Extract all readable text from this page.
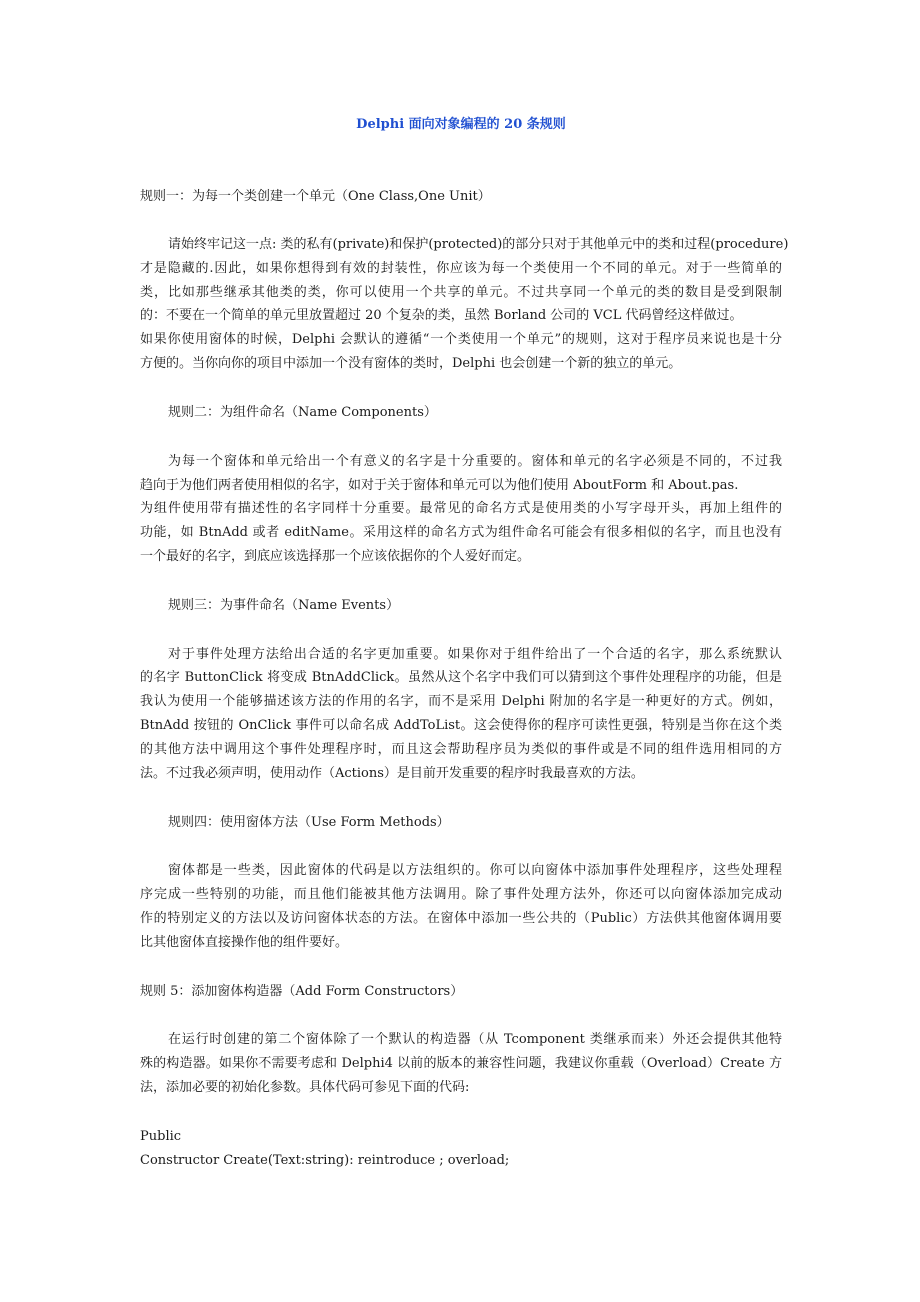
Delphi 面向对象编程的 20 条规则
规则一：为每一个类创建一个单元（One Class,One Unit）
请始终牢记这一点: 类的私有(private)和保护(protected)的部分只对于其他单元中的类和过程(procedure)
才是隐藏的.因此，如果你想得到有效的封装性，你应该为每一个类使用一个不同的单元。对于一些简单的
类，比如那些继承其他类的类，你可以使用一个共享的单元。不过共享同一个单元的类的数目是受到限制
的：不要在一个简单的单元里放置超过 20 个复杂的类，虽然 Borland 公司的 VCL 代码曾经这样做过。
如果你使用窗体的时候，Delphi 会默认的遵循“一个类使用一个单元”的规则，这对于程序员来说也是十分
方便的。当你向你的项目中添加一个没有窗体的类时，Delphi 也会创建一个新的独立的单元。
规则二：为组件命名（Name Components）
为每一个窗体和单元给出一个有意义的名字是十分重要的。窗体和单元的名字必须是不同的，不过我
趋向于为他们两者使用相似的名字，如对于关于窗体和单元可以为他们使用 AboutForm 和 About.pas.
为组件使用带有描述性的名字同样十分重要。最常见的命名方式是使用类的小写字母开头，再加上组件的
功能，如 BtnAdd 或者 editName。采用这样的命名方式为组件命名可能会有很多相似的名字，而且也没有
一个最好的名字，到底应该选择那一个应该依据你的个人爱好而定。
规则三：为事件命名（Name Events）
对于事件处理方法给出合适的名字更加重要。如果你对于组件给出了一个合适的名字，那么系统默认
的名字 ButtonClick 将变成 BtnAddClick。虽然从这个名字中我们可以猜到这个事件处理程序的功能，但是
我认为使用一个能够描述该方法的作用的名字，而不是采用 Delphi 附加的名字是一种更好的方式。例如，
BtnAdd 按钮的 OnClick 事件可以命名成 AddToList。这会使得你的程序可读性更强，特别是当你在这个类
的其他方法中调用这个事件处理程序时，而且这会帮助程序员为类似的事件或是不同的组件选用相同的方
法。不过我必须声明，使用动作（Actions）是目前开发重要的程序时我最喜欢的方法。
规则四：使用窗体方法（Use Form Methods）
窗体都是一些类，因此窗体的代码是以方法组织的。你可以向窗体中添加事件处理程序，这些处理程
序完成一些特别的功能，而且他们能被其他方法调用。除了事件处理方法外，你还可以向窗体添加完成动
作的特别定义的方法以及访问窗体状态的方法。在窗体中添加一些公共的（Public）方法供其他窗体调用要
比其他窗体直接操作他的组件要好。
规则 5：添加窗体构造器（Add Form Constructors）
在运行时创建的第二个窗体除了一个默认的构造器（从 Tcomponent 类继承而来）外还会提供其他特
殊的构造器。如果你不需要考虑和 Delphi4 以前的版本的兼容性问题，我建议你重载（Overload）Create 方
法，添加必要的初始化参数。具体代码可参见下面的代码:
Public
Constructor Create(Text:string): reintroduce ; overload;
